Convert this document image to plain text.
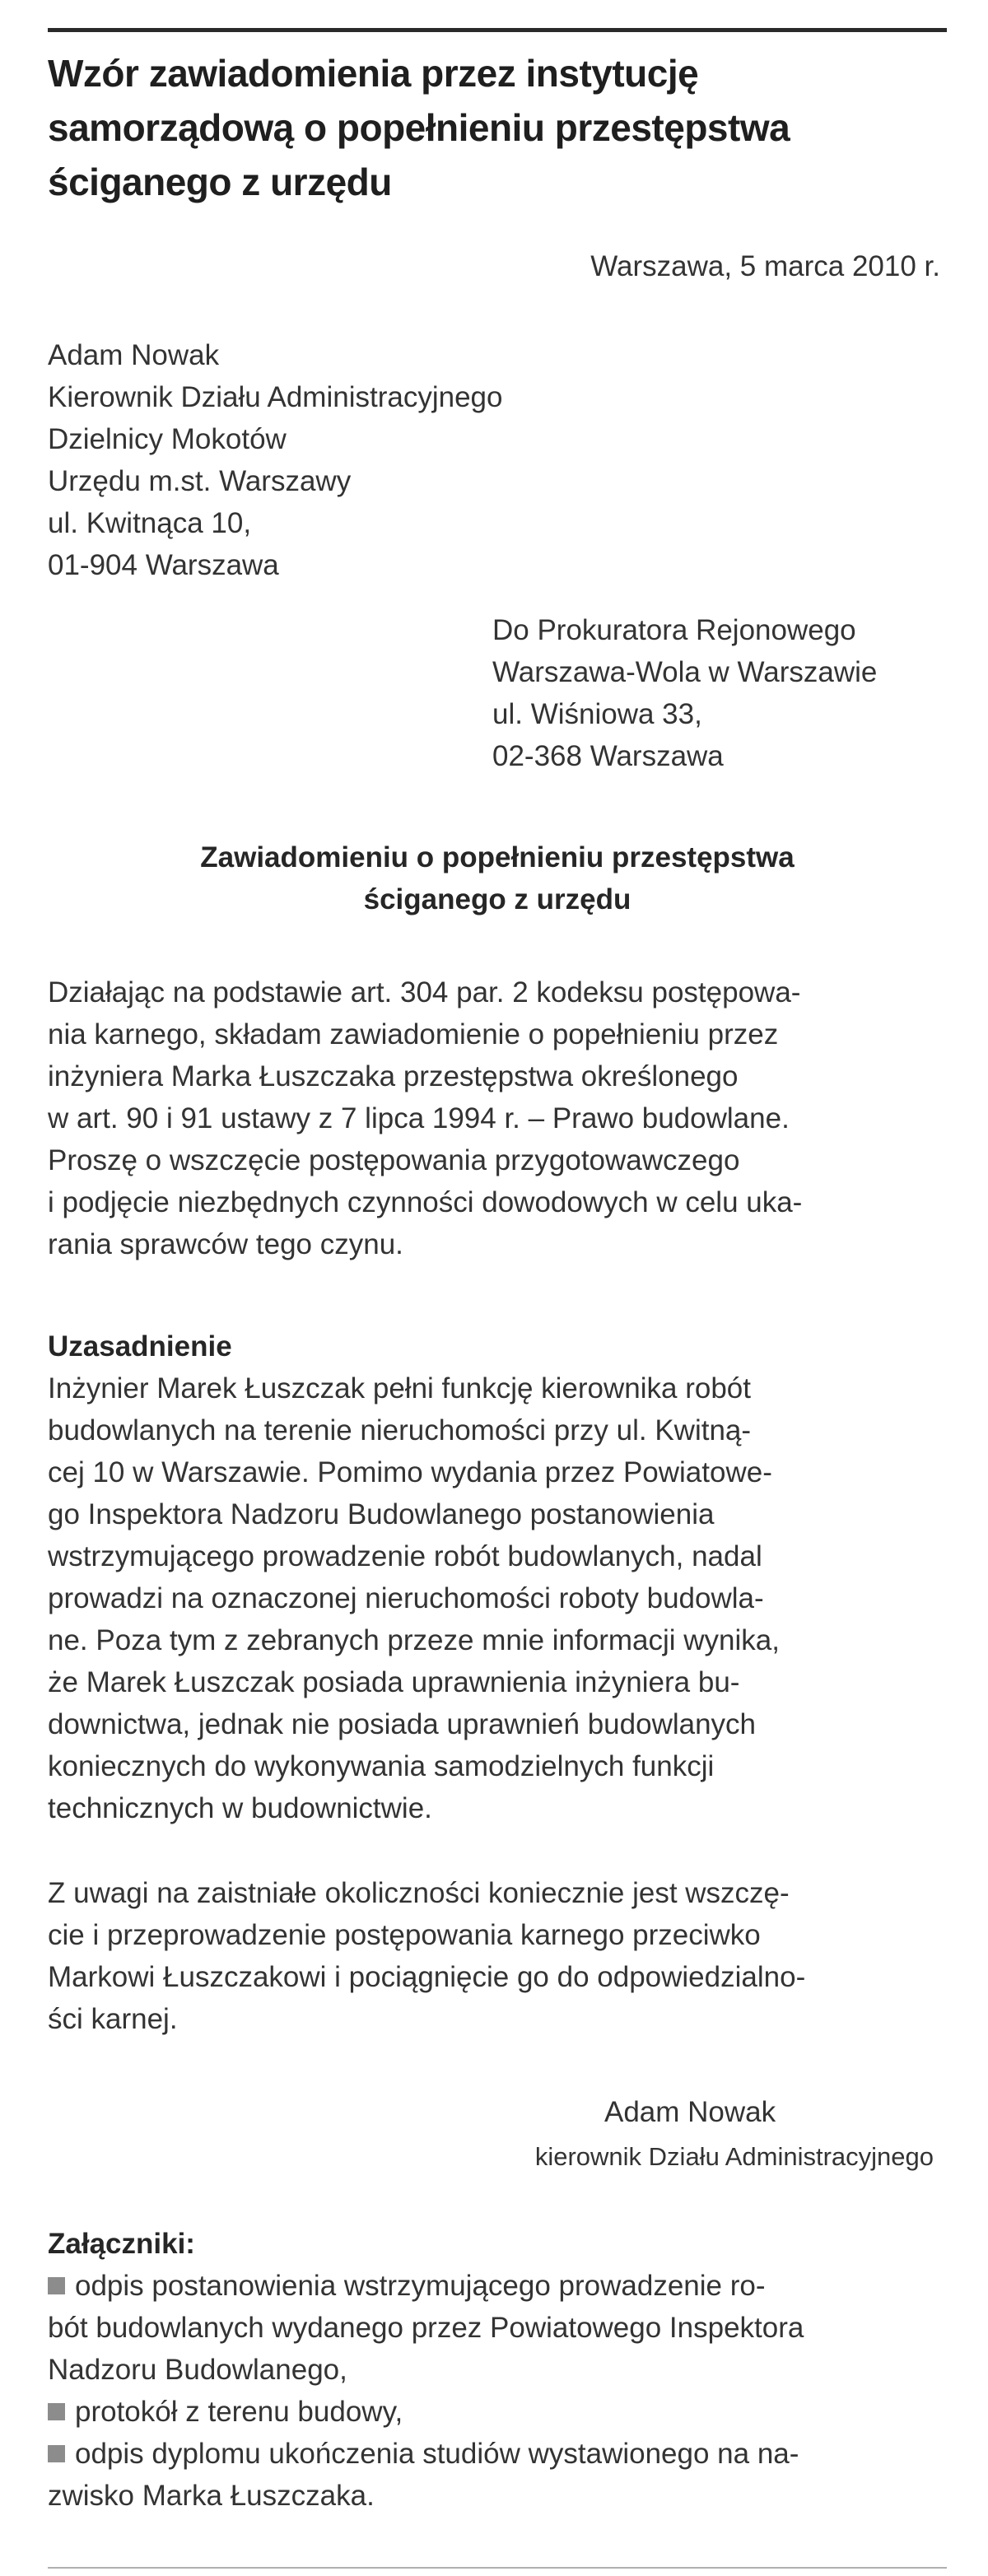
Wzór zawiadomienia przez instytucję
samorządową o popełnieniu przestępstwa
ściganego z urzędu
Warszawa, 5 marca 2010 r.
Adam Nowak
Kierownik Działu Administracyjnego
Dzielnicy Mokotów
Urzędu m.st. Warszawy
ul. Kwitnąca 10,
01-904 Warszawa
Do Prokuratora Rejonowego
Warszawa-Wola w Warszawie
ul. Wiśniowa 33,
02-368 Warszawa
Zawiadomieniu o popełnieniu przestępstwa
ściganego z urzędu

Działając na podstawie art. 304 par. 2 kodeksu postępowa-
nia karnego, składam zawiadomienie o popełnieniu przez
inżyniera Marka Łuszczaka przestępstwa określonego
w art. 90 i 91 ustawy z 7 lipca 1994 r. – Prawo budowlane.
Proszę o wszczęcie postępowania przygotowawczego
i podjęcie niezbędnych czynności dowodowych w celu uka-
rania sprawców tego czynu.

Uzasadnienie

Inżynier Marek Łuszczak pełni funkcję kierownika robót
budowlanych na terenie nieruchomości przy ul. Kwitną-
cej 10 w Warszawie. Pomimo wydania przez Powiatowe-
go Inspektora Nadzoru Budowlanego postanowienia
wstrzymującego prowadzenie robót budowlanych, nadal
prowadzi na oznaczonej nieruchomości roboty budowla-
ne. Poza tym z zebranych przeze mnie informacji wynika,
że Marek Łuszczak posiada uprawnienia inżyniera bu-
downictwa, jednak nie posiada uprawnień budowlanych
koniecznych do wykonywania samodzielnych funkcji
technicznych w budownictwie.

Z uwagi na zaistniałe okoliczności koniecznie jest wszczę-
cie i przeprowadzenie postępowania karnego przeciwko
Markowi Łuszczakowi i pociągnięcie go do odpowiedzialno-
ści karnej.

Adam Nowak
kierownik Działu Administracyjnego
Załączniki:
odpis postanowienia wstrzymującego prowadzenie ro-
bót budowlanych wydanego przez Powiatowego Inspektora
Nadzoru Budowlanego,
protokół z terenu budowy,
odpis dyplomu ukończenia studiów wystawionego na na-
zwisko Marka Łuszczaka.
